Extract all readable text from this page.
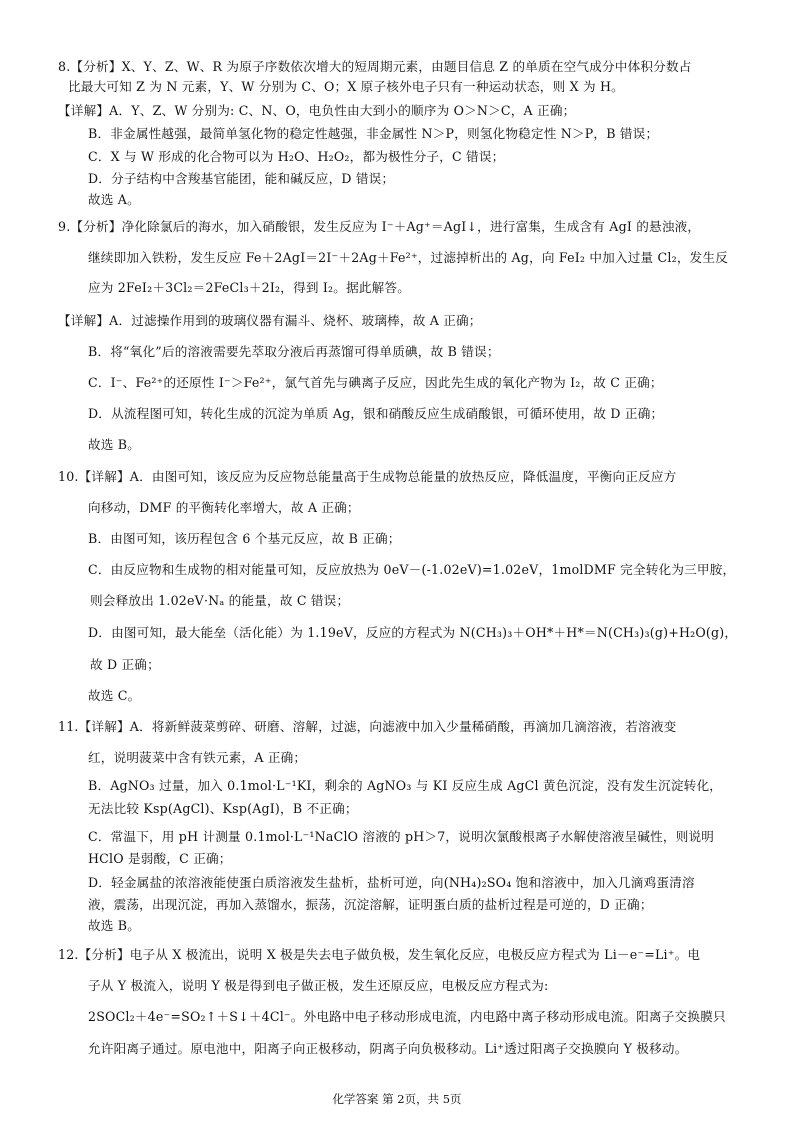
8.【分析】X、Y、Z、W、R 为原子序数依次增大的短周期元素，由题目信息 Z 的单质在空气成分中体积分数占
比最大可知 Z 为 N 元素，Y、W 分别为 C、O；X 原子核外电子只有一种运动状态，则 X 为 H。
【详解】A．Y、Z、W 分别为: C、N、O，电负性由大到小的顺序为 O＞N＞C，A 正确；
B．非金属性越强，最简单氢化物的稳定性越强，非金属性 N＞P，则氢化物稳定性 N＞P，B 错误；
C．X 与 W 形成的化合物可以为 H₂O、H₂O₂，都为极性分子，C 错误；
D．分子结构中含羧基官能团，能和碱反应，D 错误；
故选 A。
9.【分析】净化除氯后的海水，加入硝酸银，发生反应为 I⁻＋Ag⁺＝AgI↓，进行富集，生成含有 AgI 的悬浊液，
继续即加入铁粉，发生反应 Fe＋2AgI＝2I⁻＋2Ag＋Fe²⁺，过滤掉析出的 Ag，向 FeI₂ 中加入过量 Cl₂，发生反
应为 2FeI₂＋3Cl₂＝2FeCl₃＋2I₂，得到 I₂。据此解答。
【详解】A．过滤操作用到的玻璃仪器有漏斗、烧杯、玻璃棒，故 A 正确；
B．将“氧化”后的溶液需要先萃取分液后再蒸馏可得单质碘，故 B 错误；
C．I⁻、Fe²⁺的还原性 I⁻＞Fe²⁺，氯气首先与碘离子反应，因此先生成的氧化产物为 I₂，故 C 正确；
D．从流程图可知，转化生成的沉淀为单质 Ag，银和硝酸反应生成硝酸银，可循环使用，故 D 正确；
故选 B。
10.【详解】A．由图可知，该反应为反应物总能量高于生成物总能量的放热反应，降低温度，平衡向正反应方
向移动，DMF 的平衡转化率增大，故 A 正确；
B．由图可知，该历程包含 6 个基元反应，故 B 正确；
C．由反应物和生成物的相对能量可知，反应放热为 0eV－(-1.02eV)=1.02eV，1molDMF 完全转化为三甲胺，
则会释放出 1.02eV·Nₐ 的能量，故 C 错误；
D．由图可知，最大能垒（活化能）为 1.19eV，反应的方程式为 N(CH₃)₃＋OH*＋H*＝N(CH₃)₃(g)+H₂O(g)，
故 D 正确；
故选 C。
11.【详解】A．将新鲜菠菜剪碎、研磨、溶解，过滤，向滤液中加入少量稀硝酸，再滴加几滴溶液，若溶液变
红，说明菠菜中含有铁元素，A 正确；
B．AgNO₃ 过量，加入 0.1mol·L⁻¹KI，剩余的 AgNO₃ 与 KI 反应生成 AgCl 黄色沉淀，没有发生沉淀转化，
无法比较 Ksp(AgCl)、Ksp(AgI)，B 不正确；
C．常温下，用 pH 计测量 0.1mol·L⁻¹NaClO 溶液的 pH＞7，说明次氯酸根离子水解使溶液呈碱性，则说明
HClO 是弱酸，C 正确；
D．轻金属盐的浓溶液能使蛋白质溶液发生盐析，盐析可逆，向(NH₄)₂SO₄ 饱和溶液中，加入几滴鸡蛋清溶
液，震荡，出现沉淀，再加入蒸馏水，振荡，沉淀溶解，证明蛋白质的盐析过程是可逆的，D 正确；
故选 B。
12.【分析】电子从 X 极流出，说明 X 极是失去电子做负极，发生氧化反应，电极反应方程式为 Li－e⁻=Li⁺。电
子从 Y 极流入，说明 Y 极是得到电子做正极，发生还原反应，电极反应方程式为:
2SOCl₂＋4e⁻=SO₂↑＋S↓＋4Cl⁻。外电路中电子移动形成电流，内电路中离子移动形成电流。阳离子交换膜只
允许阳离子通过。原电池中，阳离子向正极移动，阴离子向负极移动。Li⁺透过阳离子交换膜向 Y 极移动。
化学答案 第 2页，共 5页
